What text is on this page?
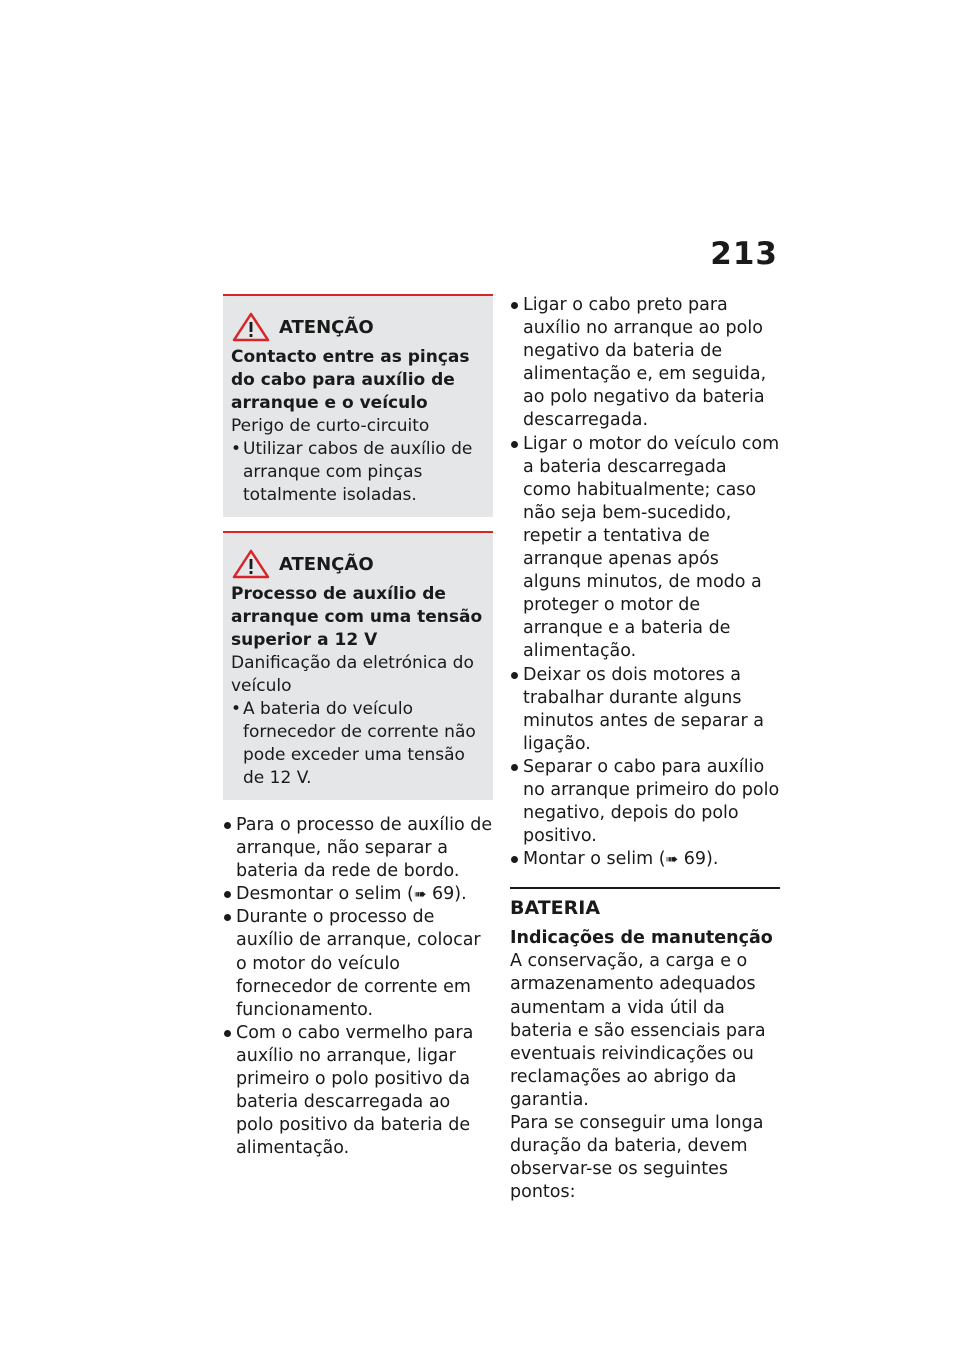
213
ATENÇÃO
Contacto entre as pinças do cabo para auxílio de arranque e o veículo
Perigo de curto-circuito
• Utilizar cabos de auxílio de arranque com pinças totalmente isoladas.
ATENÇÃO
Processo de auxílio de arranque com uma tensão superior a 12 V
Danificação da eletrónica do veículo
• A bateria do veículo fornecedor de corrente não pode exceder uma tensão de 12 V.
Para o processo de auxílio de arranque, não separar a bateria da rede de bordo.
Desmontar o selim (➠ 69).
Durante o processo de auxílio de arranque, colocar o motor do veículo fornecedor de corrente em funcionamento.
Com o cabo vermelho para auxílio no arranque, ligar primeiro o polo positivo da bateria descarregada ao polo positivo da bateria de alimentação.
Ligar o cabo preto para auxílio no arranque ao polo negativo da bateria de alimentação e, em seguida, ao polo negativo da bateria descarregada.
Ligar o motor do veículo com a bateria descarregada como habitualmente; caso não seja bem-sucedido, repetir a tentativa de arranque apenas após alguns minutos, de modo a proteger o motor de arranque e a bateria de alimentação.
Deixar os dois motores a trabalhar durante alguns minutos antes de separar a ligação.
Separar o cabo para auxílio no arranque primeiro do polo negativo, depois do polo positivo.
Montar o selim (➠ 69).
BATERIA
Indicações de manutenção

A conservação, a carga e o armazenamento adequados aumentam a vida útil da bateria e são essenciais para eventuais reivindicações ou reclamações ao abrigo da garantia.

Para se conseguir uma longa duração da bateria, devem observar-se os seguintes pontos:
